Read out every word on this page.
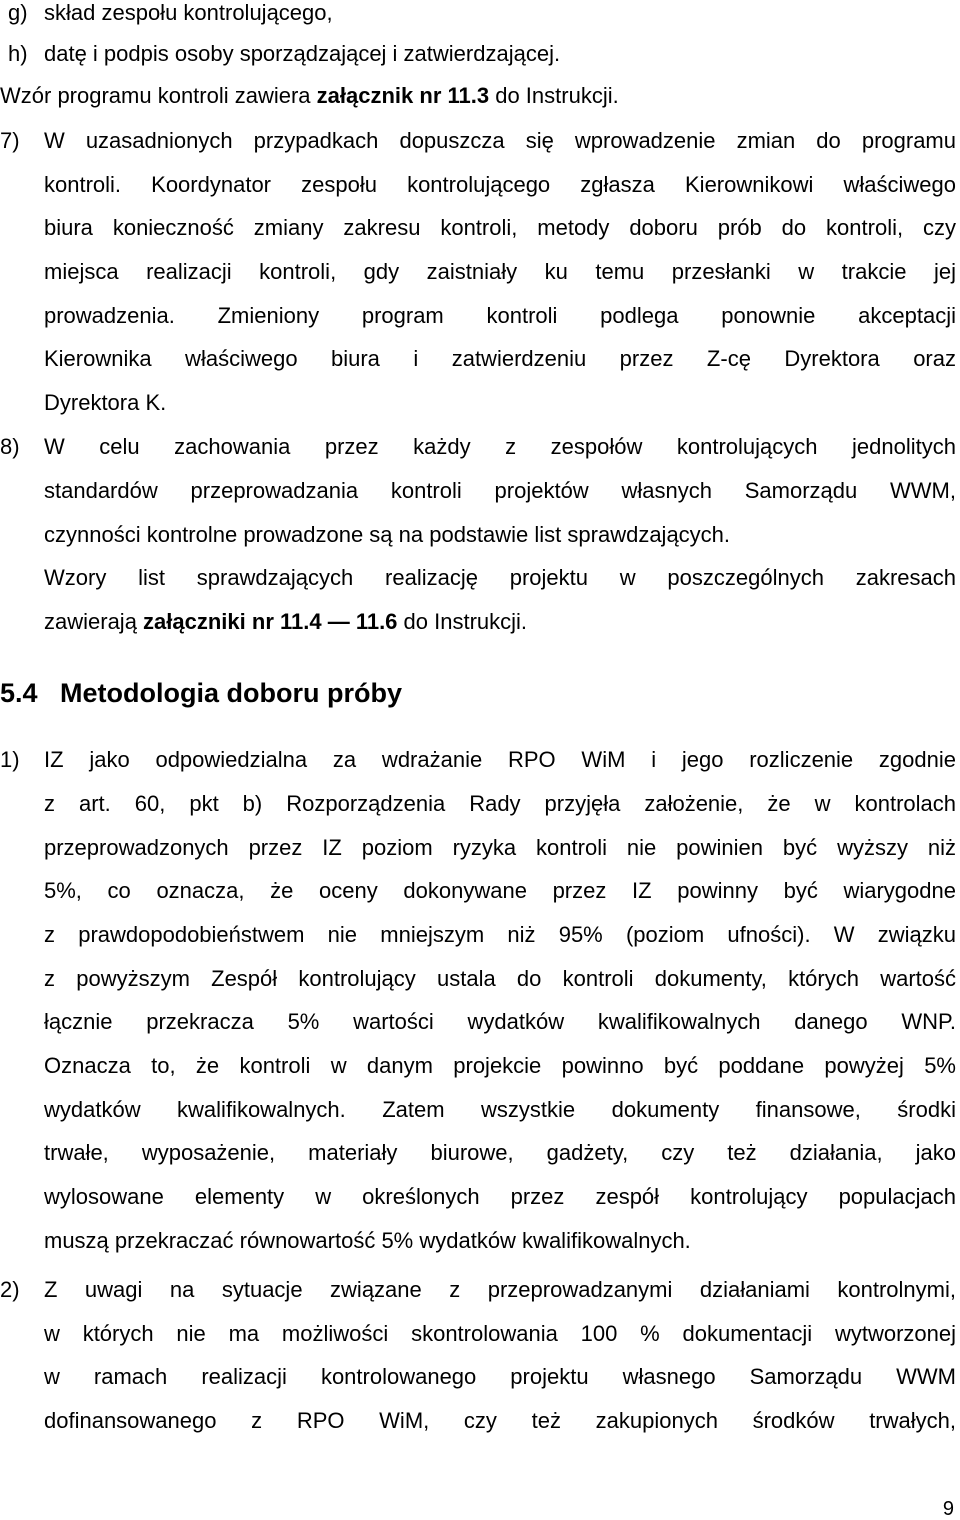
g) skład zespołu kontrolującego,
h) datę i podpis osoby sporządzającej i zatwierdzającej.
Wzór programu kontroli zawiera załącznik nr 11.3 do Instrukcji.
7) W uzasadnionych przypadkach dopuszcza się wprowadzenie zmian do programu
kontroli. Koordynator zespołu kontrolującego zgłasza Kierownikowi właściwego
biura konieczność zmiany zakresu kontroli, metody doboru prób do kontroli, czy
miejsca realizacji kontroli, gdy zaistniały ku temu przesłanki w trakcie jej
prowadzenia. Zmieniony program kontroli podlega ponownie akceptacji
Kierownika właściwego biura i zatwierdzeniu przez Z-cę Dyrektora oraz
Dyrektora K.
8) W celu zachowania przez każdy z zespołów kontrolujących jednolitych
standardów przeprowadzania kontroli projektów własnych Samorządu WWM,
czynności kontrolne prowadzone są na podstawie list sprawdzających.
Wzory list sprawdzających realizację projektu w poszczególnych zakresach
zawierają załączniki nr 11.4 — 11.6 do Instrukcji.
5.4 Metodologia doboru próby
1) IZ jako odpowiedzialna za wdrażanie RPO WiM i jego rozliczenie zgodnie
z art. 60, pkt b) Rozporządzenia Rady przyjęła założenie, że w kontrolach
przeprowadzonych przez IZ poziom ryzyka kontroli nie powinien być wyższy niż
5%, co oznacza, że oceny dokonywane przez IZ powinny być wiarygodne
z prawdopodobieństwem nie mniejszym niż 95% (poziom ufności). W związku
z powyższym Zespół kontrolujący ustala do kontroli dokumenty, których wartość
łącznie przekracza 5% wartości wydatków kwalifikowalnych danego WNP.
Oznacza to, że kontroli w danym projekcie powinno być poddane powyżej 5%
wydatków kwalifikowalnych. Zatem wszystkie dokumenty finansowe, środki
trwałe, wyposażenie, materiały biurowe, gadżety, czy też działania, jako
wylosowane elementy w określonych przez zespół kontrolujący populacjach
muszą przekraczać równowartość 5% wydatków kwalifikowalnych.
2) Z uwagi na sytuacje związane z przeprowadzanymi działaniami kontrolnymi,
w których nie ma możliwości skontrolowania 100 % dokumentacji wytworzonej
w ramach realizacji kontrolowanego projektu własnego Samorządu WWM
dofinansowanego z RPO WiM, czy też zakupionych środków trwałych,
9
